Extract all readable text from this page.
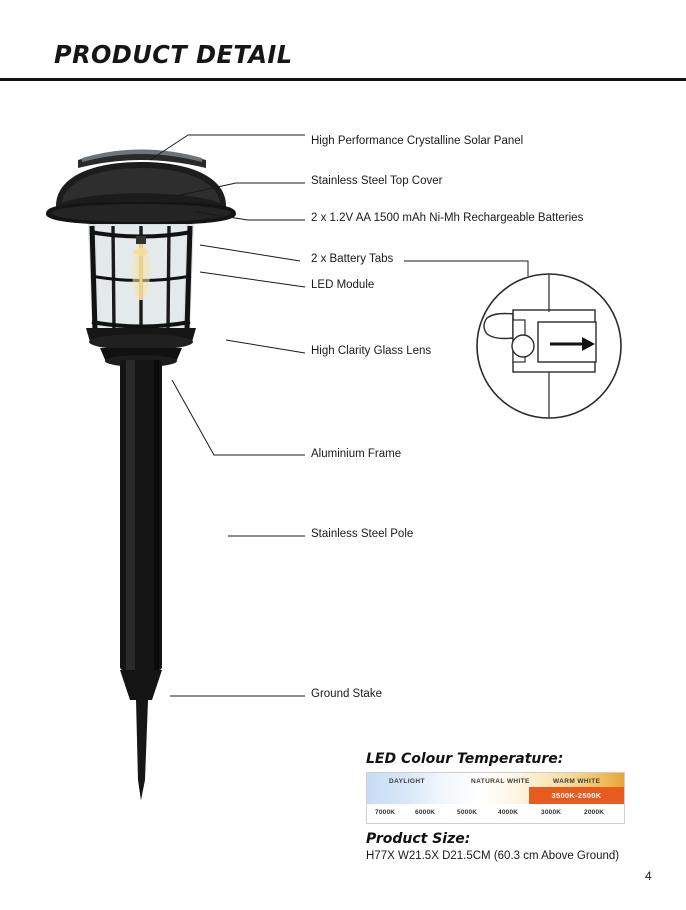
PRODUCT DETAIL
High Performance Crystalline Solar Panel
Stainless Steel Top Cover
2 x 1.2V AA 1500 mAh Ni-Mh Rechargeable Batteries
2 x Battery Tabs
LED Module
High Clarity Glass Lens
Aluminium Frame
Stainless Steel Pole
Ground Stake
LED Colour Temperature:
DAYLIGHT	NATURAL WHITE	WARM WHITE
3500K-2500K
7000K	6000K	5000K	4000K	3000K	2000K
Product Size:
H77X W21.5X D21.5CM (60.3 cm Above Ground)
4
